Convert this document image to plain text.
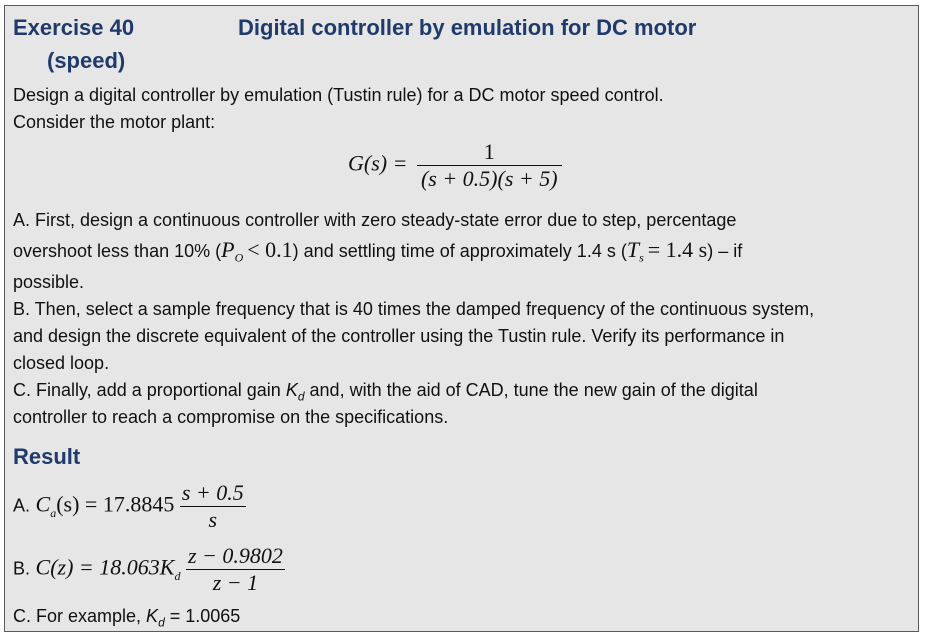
Exercise 40	Digital controller by emulation for DC motor
(speed)
Design a digital controller by emulation (Tustin rule) for a DC motor speed control.
Consider the motor plant:
$G(s) = \frac{1}{(s + 0.5)(s + 5)}$
A. First, design a continuous controller with zero steady-state error due to step, percentage
overshoot less than 10% $(P_O < 0.1)$ and settling time of approximately 1.4 s ($T_s = 1.4$ s) – if
possible.
B. Then, select a sample frequency that is 40 times the damped frequency of the continuous system,
and design the discrete equivalent of the controller using the Tustin rule. Verify its performance in
closed loop.
C. Finally, add a proportional gain $K_d$ and, with the aid of CAD, tune the new gain of the digital
controller to reach a compromise on the specifications.
Result
A. $C_a(s) = 17.8845 \frac{s + 0.5}{s}$
B. $C(z) = 18.063K_d \frac{z - 0.9802}{z - 1}$
C. For example, $K_d = 1.0065$
